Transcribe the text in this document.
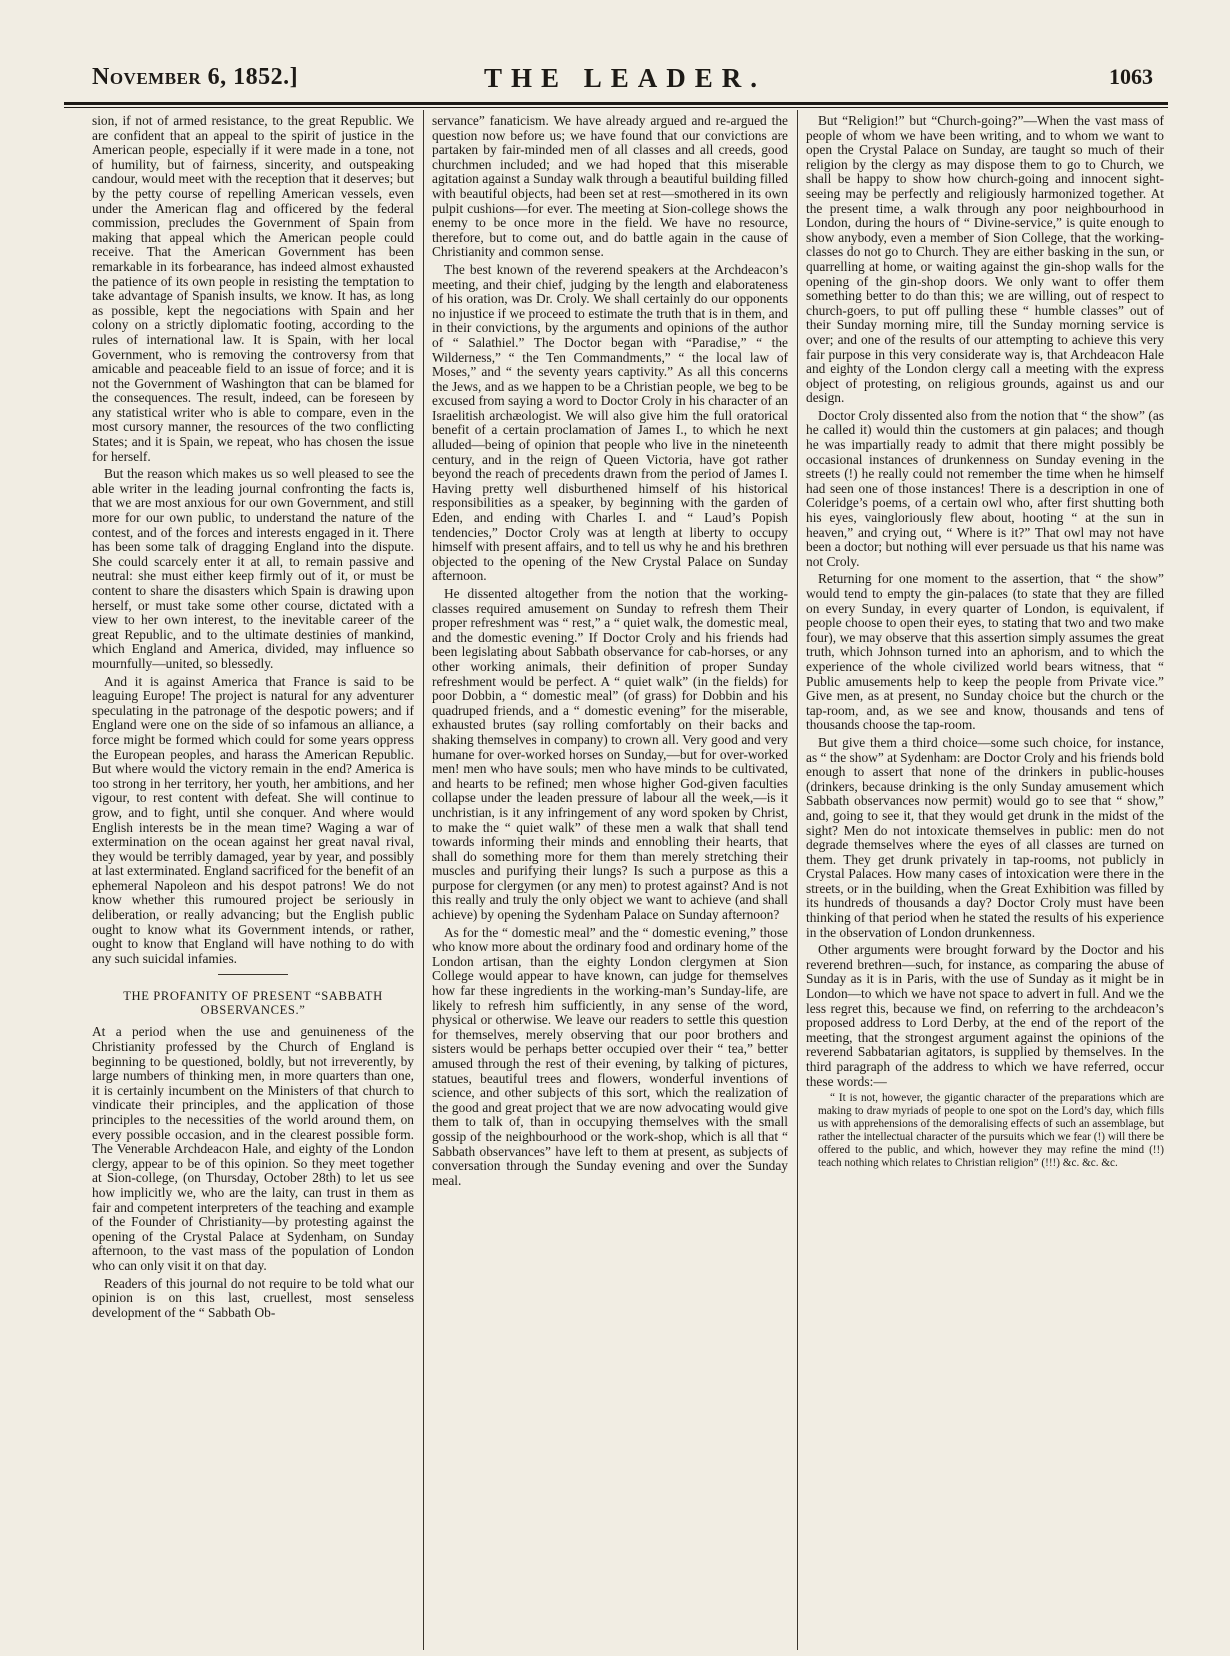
November 6, 1852.]	THE LEADER.	1063

sion, if not of armed resistance, to the great Republic. We are confident that an appeal to the spirit of justice in the American people, especially if it were made in a tone, not of humility, but of fairness, sincerity, and outspeaking candour, would meet with the reception that it deserves; but by the petty course of repelling American vessels, even under the American flag and officered by the federal commission, precludes the Government of Spain from making that appeal which the American people could receive. That the American Government has been remarkable in its forbearance, has indeed almost exhausted the patience of its own people in resisting the temptation to take advantage of Spanish insults, we know. It has, as long as possible, kept the negociations with Spain and her colony on a strictly diplomatic footing, according to the rules of international law. It is Spain, with her local Government, who is removing the controversy from that amicable and peaceable field to an issue of force; and it is not the Government of Washington that can be blamed for the consequences. The result, indeed, can be foreseen by any statistical writer who is able to compare, even in the most cursory manner, the resources of the two conflicting States; and it is Spain, we repeat, who has chosen the issue for herself.

But the reason which makes us so well pleased to see the able writer in the leading journal confronting the facts is, that we are most anxious for our own Government, and still more for our own public, to understand the nature of the contest, and of the forces and interests engaged in it. There has been some talk of dragging England into the dispute. She could scarcely enter it at all, to remain passive and neutral: she must either keep firmly out of it, or must be content to share the disasters which Spain is drawing upon herself, or must take some other course, dictated with a view to her own interest, to the inevitable career of the great Republic, and to the ultimate destinies of mankind, which England and America, divided, may influence so mournfully—united, so blessedly.

And it is against America that France is said to be leaguing Europe! The project is natural for any adventurer speculating in the patronage of the despotic powers; and if England were one on the side of so infamous an alliance, a force might be formed which could for some years oppress the European peoples, and harass the American Republic. But where would the victory remain in the end? America is too strong in her territory, her youth, her ambitions, and her vigour, to rest content with defeat. She will continue to grow, and to fight, until she conquer. And where would English interests be in the mean time? Waging a war of extermination on the ocean against her great naval rival, they would be terribly damaged, year by year, and possibly at last exterminated. England sacrificed for the benefit of an ephemeral Napoleon and his despot patrons! We do not know whether this rumoured project be seriously in deliberation, or really advancing; but the English public ought to know what its Government intends, or rather, ought to know that England will have nothing to do with any such suicidal infamies.

THE PROFANITY OF PRESENT “SABBATH OBSERVANCES.”

At a period when the use and genuineness of the Christianity professed by the Church of England is beginning to be questioned, boldly, but not irreverently, by large numbers of thinking men, in more quarters than one, it is certainly incumbent on the Ministers of that church to vindicate their principles, and the application of those principles to the necessities of the world around them, on every possible occasion, and in the clearest possible form. The Venerable Archdeacon Hale, and eighty of the London clergy, appear to be of this opinion. So they meet together at Sion-college, (on Thursday, October 28th) to let us see how implicitly we, who are the laity, can trust in them as fair and competent interpreters of the teaching and example of the Founder of Christianity—by protesting against the opening of the Crystal Palace at Sydenham, on Sunday afternoon, to the vast mass of the population of London who can only visit it on that day.

Readers of this journal do not require to be told what our opinion is on this last, cruellest, most senseless development of the “ Sabbath Ob-

servance” fanaticism. We have already argued and re-argued the question now before us; we have found that our convictions are partaken by fair-minded men of all classes and all creeds, good churchmen included; and we had hoped that this miserable agitation against a Sunday walk through a beautiful building filled with beautiful objects, had been set at rest—smothered in its own pulpit cushions—for ever. The meeting at Sion-college shows the enemy to be once more in the field. We have no resource, therefore, but to come out, and do battle again in the cause of Christianity and common sense.

The best known of the reverend speakers at the Archdeacon’s meeting, and their chief, judging by the length and elaborateness of his oration, was Dr. Croly. We shall certainly do our opponents no injustice if we proceed to estimate the truth that is in them, and in their convictions, by the arguments and opinions of the author of “ Salathiel.” The Doctor began with “Paradise,” “ the Wilderness,” “ the Ten Commandments,” “ the local law of Moses,” and “ the seventy years captivity.” As all this concerns the Jews, and as we happen to be a Christian people, we beg to be excused from saying a word to Doctor Croly in his character of an Israelitish archæologist. We will also give him the full oratorical benefit of a certain proclamation of James I., to which he next alluded—being of opinion that people who live in the nineteenth century, and in the reign of Queen Victoria, have got rather beyond the reach of precedents drawn from the period of James I. Having pretty well disburthened himself of his historical responsibilities as a speaker, by beginning with the garden of Eden, and ending with Charles I. and “ Laud’s Popish tendencies,” Doctor Croly was at length at liberty to occupy himself with present affairs, and to tell us why he and his brethren objected to the opening of the New Crystal Palace on Sunday afternoon.

He dissented altogether from the notion that the working-classes required amusement on Sunday to refresh them Their proper refreshment was “ rest,” a “ quiet walk, the domestic meal, and the domestic evening.” If Doctor Croly and his friends had been legislating about Sabbath observance for cab-horses, or any other working animals, their definition of proper Sunday refreshment would be perfect. A “ quiet walk” (in the fields) for poor Dobbin, a “ domestic meal” (of grass) for Dobbin and his quadruped friends, and a “ domestic evening” for the miserable, exhausted brutes (say rolling comfortably on their backs and shaking themselves in company) to crown all. Very good and very humane for over-worked horses on Sunday,—but for over-worked men! men who have souls; men who have minds to be cultivated, and hearts to be refined; men whose higher God-given faculties collapse under the leaden pressure of labour all the week,—is it unchristian, is it any infringement of any word spoken by Christ, to make the “ quiet walk” of these men a walk that shall tend towards informing their minds and ennobling their hearts, that shall do something more for them than merely stretching their muscles and purifying their lungs? Is such a purpose as this a purpose for clergymen (or any men) to protest against? And is not this really and truly the only object we want to achieve (and shall achieve) by opening the Sydenham Palace on Sunday afternoon?

As for the “ domestic meal” and the “ domestic evening,” those who know more about the ordinary food and ordinary home of the London artisan, than the eighty London clergymen at Sion College would appear to have known, can judge for themselves how far these ingredients in the working-man’s Sunday-life, are likely to refresh him sufficiently, in any sense of the word, physical or otherwise. We leave our readers to settle this question for themselves, merely observing that our poor brothers and sisters would be perhaps better occupied over their “ tea,” better amused through the rest of their evening, by talking of pictures, statues, beautiful trees and flowers, wonderful inventions of science, and other subjects of this sort, which the realization of the good and great project that we are now advocating would give them to talk of, than in occupying themselves with the small gossip of the neighbourhood or the work-shop, which is all that “ Sabbath observances” have left to them at present, as subjects of conversation through the Sunday evening and over the Sunday meal.

But “Religion!” but “Church-going?”—When the vast mass of people of whom we have been writing, and to whom we want to open the Crystal Palace on Sunday, are taught so much of their religion by the clergy as may dispose them to go to Church, we shall be happy to show how church-going and innocent sight-seeing may be perfectly and religiously harmonized together. At the present time, a walk through any poor neighbourhood in London, during the hours of “ Divine-service,” is quite enough to show anybody, even a member of Sion College, that the working-classes do not go to Church. They are either basking in the sun, or quarrelling at home, or waiting against the gin-shop walls for the opening of the gin-shop doors. We only want to offer them something better to do than this; we are willing, out of respect to church-goers, to put off pulling these “ humble classes” out of their Sunday morning mire, till the Sunday morning service is over; and one of the results of our attempting to achieve this very fair purpose in this very considerate way is, that Archdeacon Hale and eighty of the London clergy call a meeting with the express object of protesting, on religious grounds, against us and our design.

Doctor Croly dissented also from the notion that “ the show” (as he called it) would thin the customers at gin palaces; and though he was impartially ready to admit that there might possibly be occasional instances of drunkenness on Sunday evening in the streets (!) he really could not remember the time when he himself had seen one of those instances! There is a description in one of Coleridge’s poems, of a certain owl who, after first shutting both his eyes, vaingloriously flew about, hooting “ at the sun in heaven,” and crying out, “ Where is it?” That owl may not have been a doctor; but nothing will ever persuade us that his name was not Croly.

Returning for one moment to the assertion, that “ the show” would tend to empty the gin-palaces (to state that they are filled on every Sunday, in every quarter of London, is equivalent, if people choose to open their eyes, to stating that two and two make four), we may observe that this assertion simply assumes the great truth, which Johnson turned into an aphorism, and to which the experience of the whole civilized world bears witness, that “ Public amusements help to keep the people from Private vice.” Give men, as at present, no Sunday choice but the church or the tap-room, and, as we see and know, thousands and tens of thousands choose the tap-room.

But give them a third choice—some such choice, for instance, as “ the show” at Sydenham: are Doctor Croly and his friends bold enough to assert that none of the drinkers in public-houses (drinkers, because drinking is the only Sunday amusement which Sabbath observances now permit) would go to see that “ show,” and, going to see it, that they would get drunk in the midst of the sight? Men do not intoxicate themselves in public: men do not degrade themselves where the eyes of all classes are turned on them. They get drunk privately in tap-rooms, not publicly in Crystal Palaces. How many cases of intoxication were there in the streets, or in the building, when the Great Exhibition was filled by its hundreds of thousands a day? Doctor Croly must have been thinking of that period when he stated the results of his experience in the observation of London drunkenness.

Other arguments were brought forward by the Doctor and his reverend brethren—such, for instance, as comparing the abuse of Sunday as it is in Paris, with the use of Sunday as it might be in London—to which we have not space to advert in full. And we the less regret this, because we find, on referring to the archdeacon’s proposed address to Lord Derby, at the end of the report of the meeting, that the strongest argument against the opinions of the reverend Sabbatarian agitators, is supplied by themselves. In the third paragraph of the address to which we have referred, occur these words:—

“ It is not, however, the gigantic character of the preparations which are making to draw myriads of people to one spot on the Lord’s day, which fills us with apprehensions of the demoralising effects of such an assemblage, but rather the intellectual character of the pursuits which we fear (!) will there be offered to the public, and which, however they may refine the mind (!!) teach nothing which relates to Christian religion” (!!!) &c. &c. &c.
